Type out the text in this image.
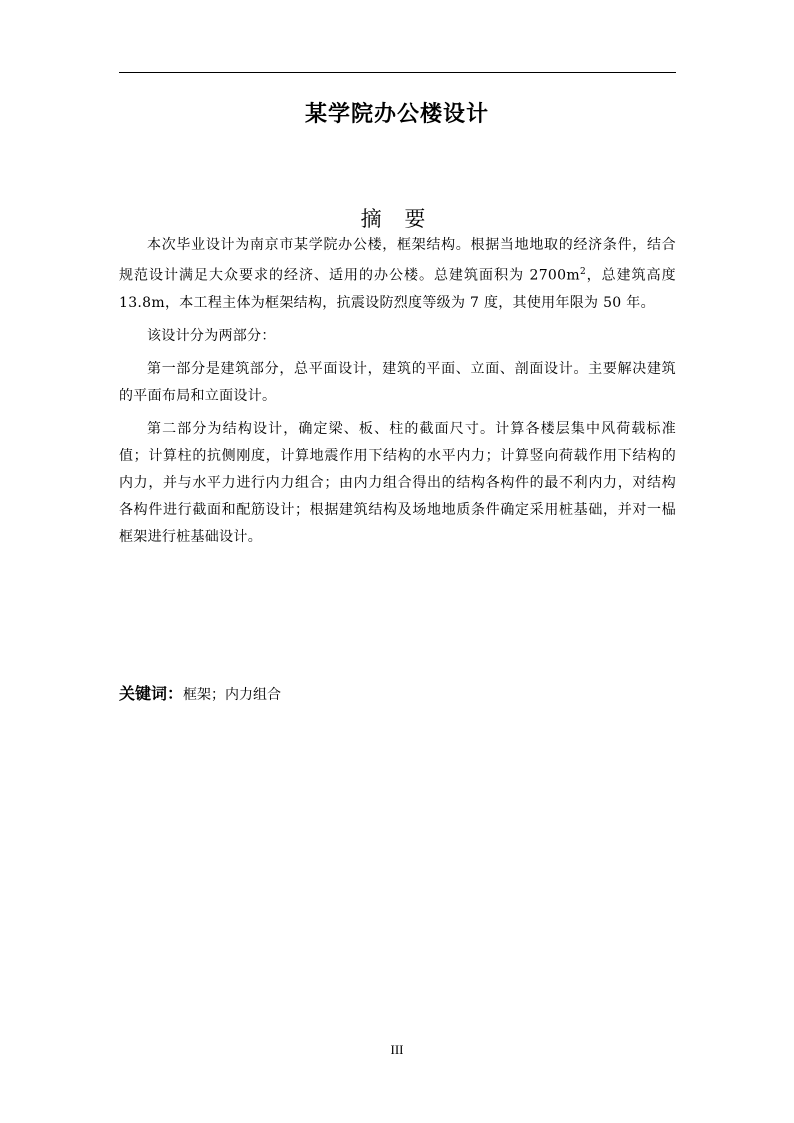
某学院办公楼设计
摘 要

本次毕业设计为南京市某学院办公楼，框架结构。根据当地地取的经济条件，结合规范设计满足大众要求的经济、适用的办公楼。总建筑面积为 $2700m^2$，总建筑高度 13.8m，本工程主体为框架结构，抗震设防烈度等级为 7 度，其使用年限为 50 年。

该设计分为两部分：

第一部分是建筑部分，总平面设计，建筑的平面、立面、剖面设计。主要解决建筑的平面布局和立面设计。

第二部分为结构设计，确定梁、板、柱的截面尺寸。计算各楼层集中风荷载标准值；计算柱的抗侧刚度，计算地震作用下结构的水平内力；计算竖向荷载作用下结构的内力，并与水平力进行内力组合；由内力组合得出的结构各构件的最不利内力，对结构各构件进行截面和配筋设计；根据建筑结构及场地地质条件确定采用桩基础，并对一榀框架进行桩基础设计。

关键词：框架；内力组合
III
